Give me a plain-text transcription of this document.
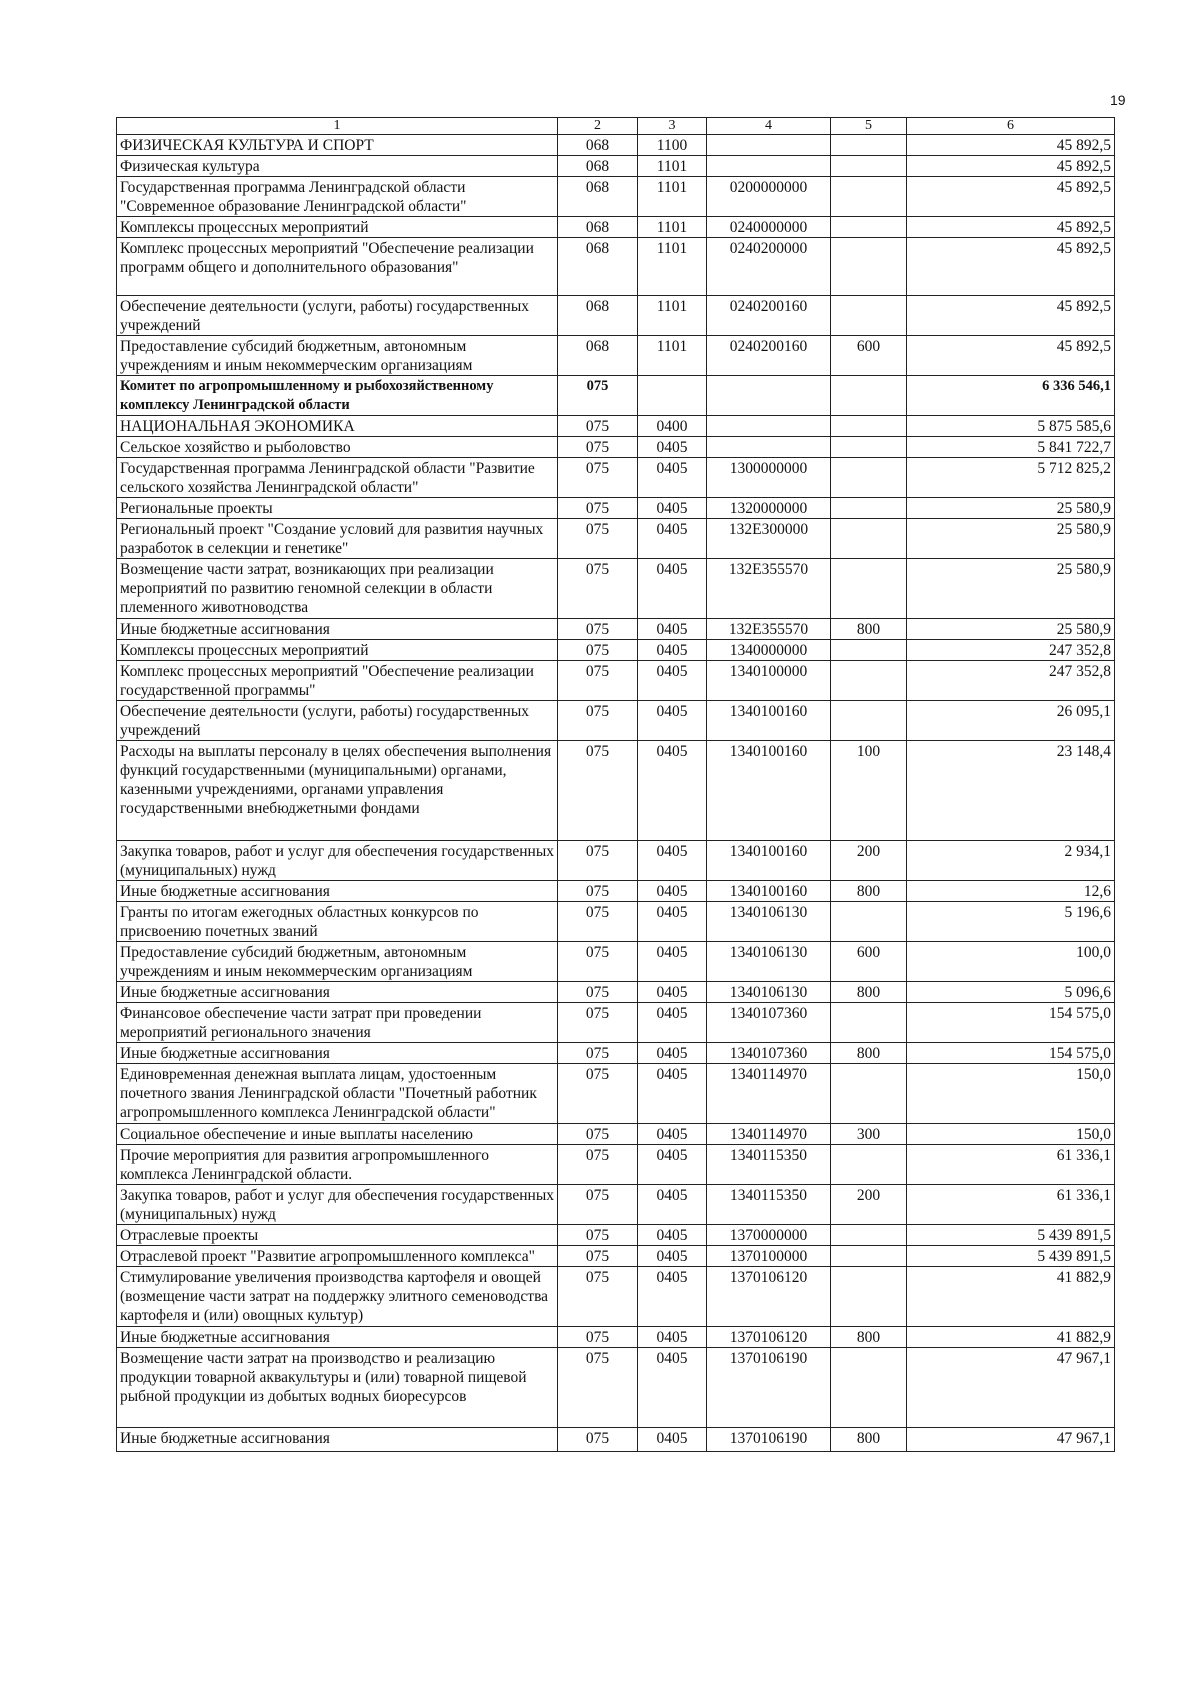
19
1	2	3	4	5	6
ФИЗИЧЕСКАЯ КУЛЬТУРА И СПОРТ	068	1100			45 892,5
Физическая культура	068	1101			45 892,5
Государственная программа Ленинградской области "Современное образование Ленинградской области"	068	1101	0200000000		45 892,5
Комплексы процессных мероприятий	068	1101	0240000000		45 892,5
Комплекс процессных мероприятий "Обеспечение реализации программ общего и дополнительного образования"	068	1101	0240200000		45 892,5
Обеспечение деятельности (услуги, работы) государственных учреждений	068	1101	0240200160		45 892,5
Предоставление субсидий бюджетным, автономным учреждениям и иным некоммерческим организациям	068	1101	0240200160	600	45 892,5
Комитет по агропромышленному и рыбохозяйственному комплексу Ленинградской области	075				6 336 546,1
НАЦИОНАЛЬНАЯ ЭКОНОМИКА	075	0400			5 875 585,6
Сельское хозяйство и рыболовство	075	0405			5 841 722,7
Государственная программа Ленинградской области "Развитие сельского хозяйства Ленинградской области"	075	0405	1300000000		5 712 825,2
Региональные проекты	075	0405	1320000000		25 580,9
Региональный проект "Создание условий для развития научных разработок в селекции и генетике"	075	0405	132Е300000		25 580,9
Возмещение части затрат, возникающих при реализации мероприятий по развитию геномной селекции в области племенного животноводства	075	0405	132Е355570		25 580,9
Иные бюджетные ассигнования	075	0405	132Е355570	800	25 580,9
Комплексы процессных мероприятий	075	0405	1340000000		247 352,8
Комплекс процессных мероприятий "Обеспечение реализации государственной программы"	075	0405	1340100000		247 352,8
Обеспечение деятельности (услуги, работы) государственных учреждений	075	0405	1340100160		26 095,1
Расходы на выплаты персоналу в целях обеспечения выполнения функций государственными (муниципальными) органами, казенными учреждениями, органами управления государственными внебюджетными фондами	075	0405	1340100160	100	23 148,4
Закупка товаров, работ и услуг для обеспечения государственных (муниципальных) нужд	075	0405	1340100160	200	2 934,1
Иные бюджетные ассигнования	075	0405	1340100160	800	12,6
Гранты по итогам ежегодных областных конкурсов по присвоению почетных званий	075	0405	1340106130		5 196,6
Предоставление субсидий бюджетным, автономным учреждениям и иным некоммерческим организациям	075	0405	1340106130	600	100,0
Иные бюджетные ассигнования	075	0405	1340106130	800	5 096,6
Финансовое обеспечение части затрат при проведении мероприятий регионального значения	075	0405	1340107360		154 575,0
Иные бюджетные ассигнования	075	0405	1340107360	800	154 575,0
Единовременная денежная выплата лицам, удостоенным почетного звания Ленинградской области "Почетный работник агропромышленного комплекса Ленинградской области"	075	0405	1340114970		150,0
Социальное обеспечение и иные выплаты населению	075	0405	1340114970	300	150,0
Прочие мероприятия для развития агропромышленного комплекса Ленинградской области.	075	0405	1340115350		61 336,1
Закупка товаров, работ и услуг для обеспечения государственных (муниципальных) нужд	075	0405	1340115350	200	61 336,1
Отраслевые проекты	075	0405	1370000000		5 439 891,5
Отраслевой проект "Развитие агропромышленного комплекса"	075	0405	1370100000		5 439 891,5
Стимулирование увеличения производства картофеля и овощей (возмещение части затрат на поддержку элитного семеноводства картофеля и (или) овощных культур)	075	0405	1370106120		41 882,9
Иные бюджетные ассигнования	075	0405	1370106120	800	41 882,9
Возмещение части затрат на производство и реализацию продукции товарной аквакультуры и (или) товарной пищевой рыбной продукции из добытых водных биоресурсов	075	0405	1370106190		47 967,1
Иные бюджетные ассигнования	075	0405	1370106190	800	47 967,1
